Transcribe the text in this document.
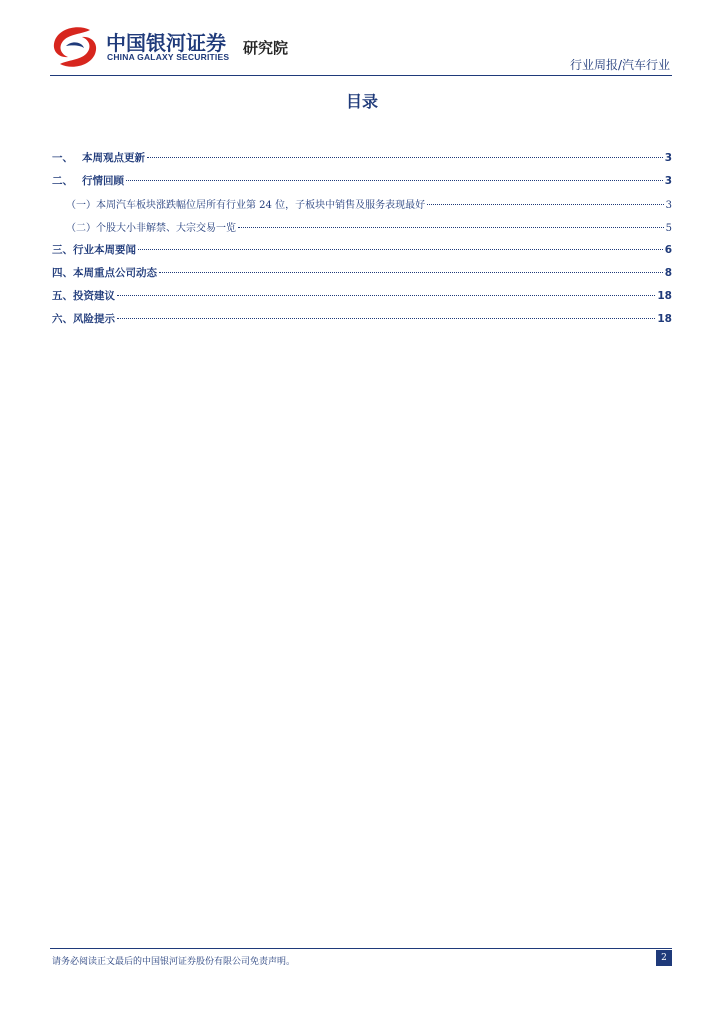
中国银河证券
CHINA GALAXY SECURITIES 研究院
行业周报/汽车行业
目录
一、 本周观点更新	3
二、 行情回顾	3
（一）本周汽车板块涨跌幅位居所有行业第 24 位，子板块中销售及服务表现最好	3
（二）个股大小非解禁、大宗交易一览	5
三、行业本周要闻	6
四、本周重点公司动态	8
五、投资建议	18
六、风险提示	18
请务必阅读正文最后的中国银河证券股份有限公司免责声明。	2
